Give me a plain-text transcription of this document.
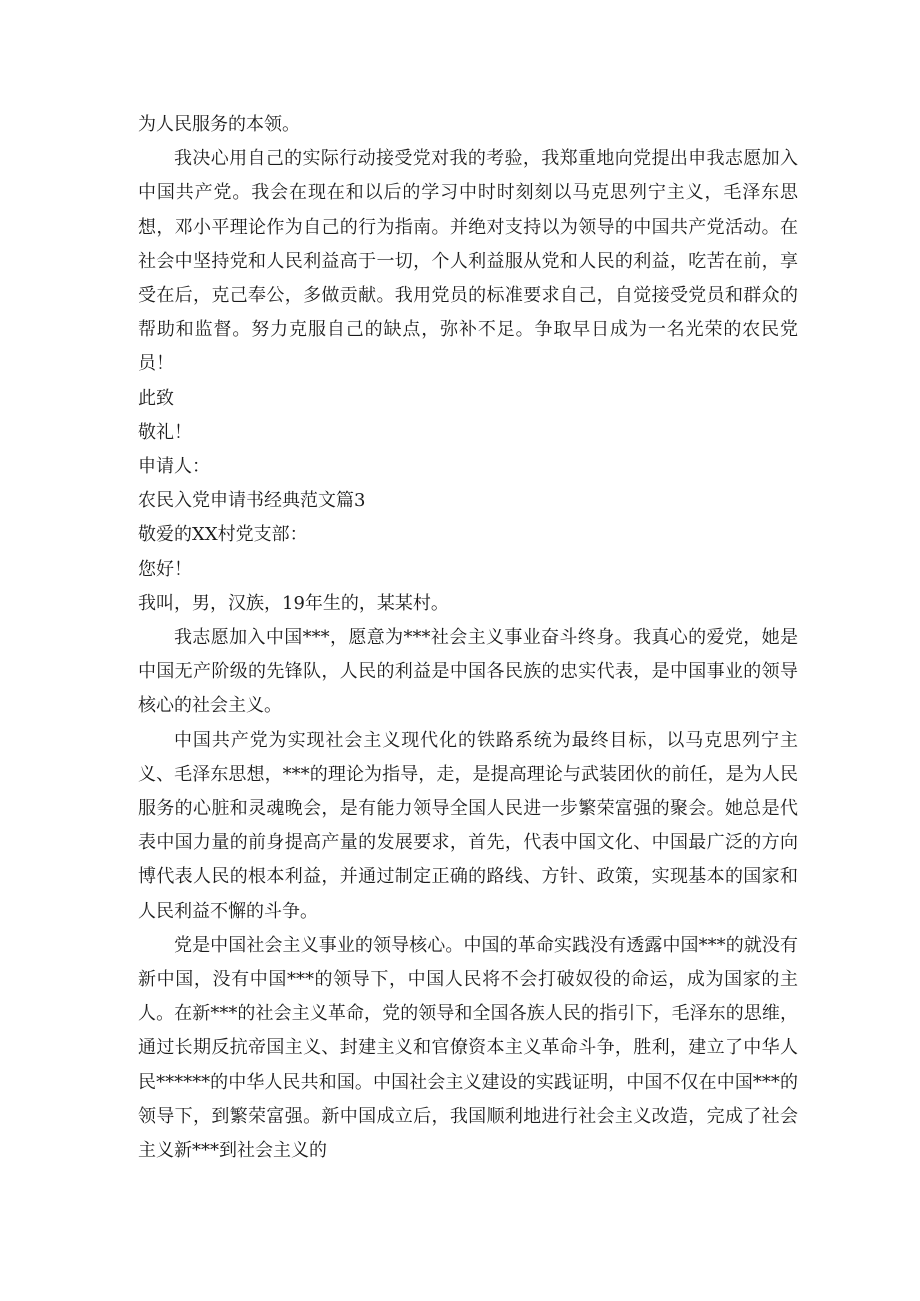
为人民服务的本领。

我决心用自己的实际行动接受党对我的考验，我郑重地向党提出申我志愿加入中国共产党。我会在现在和以后的学习中时时刻刻以马克思列宁主义，毛泽东思想，邓小平理论作为自己的行为指南。并绝对支持以为领导的中国共产党活动。在社会中坚持党和人民利益高于一切，个人利益服从党和人民的利益，吃苦在前，享受在后，克己奉公，多做贡献。我用党员的标准要求自己，自觉接受党员和群众的帮助和监督。努力克服自己的缺点，弥补不足。争取早日成为一名光荣的农民党员！

此致

敬礼！

申请人：

农民入党申请书经典范文篇3

敬爱的XX村党支部：

您好！

我叫，男，汉族，19年生的，某某村。

我志愿加入中国***，愿意为***社会主义事业奋斗终身。我真心的爱党，她是中国无产阶级的先锋队，人民的利益是中国各民族的忠实代表，是中国事业的领导核心的社会主义。

中国共产党为实现社会主义现代化的铁路系统为最终目标，以马克思列宁主义、毛泽东思想，***的理论为指导，走，是提高理论与武装团伙的前任，是为人民服务的心脏和灵魂晚会，是有能力领导全国人民进一步繁荣富强的聚会。她总是代表中国力量的前身提高产量的发展要求，首先，代表中国文化、中国最广泛的方向博代表人民的根本利益，并通过制定正确的路线、方针、政策，实现基本的国家和人民利益不懈的斗争。

党是中国社会主义事业的领导核心。中国的革命实践没有透露中国***的就没有新中国，没有中国***的领导下，中国人民将不会打破奴役的命运，成为国家的主人。在新***的社会主义革命，党的领导和全国各族人民的指引下，毛泽东的思维，通过长期反抗帝国主义、封建主义和官僚资本主义革命斗争，胜利，建立了中华人民******的中华人民共和国。中国社会主义建设的实践证明，中国不仅在中国***的领导下，到繁荣富强。新中国成立后，我国顺利地进行社会主义改造，完成了社会主义新***到社会主义的
